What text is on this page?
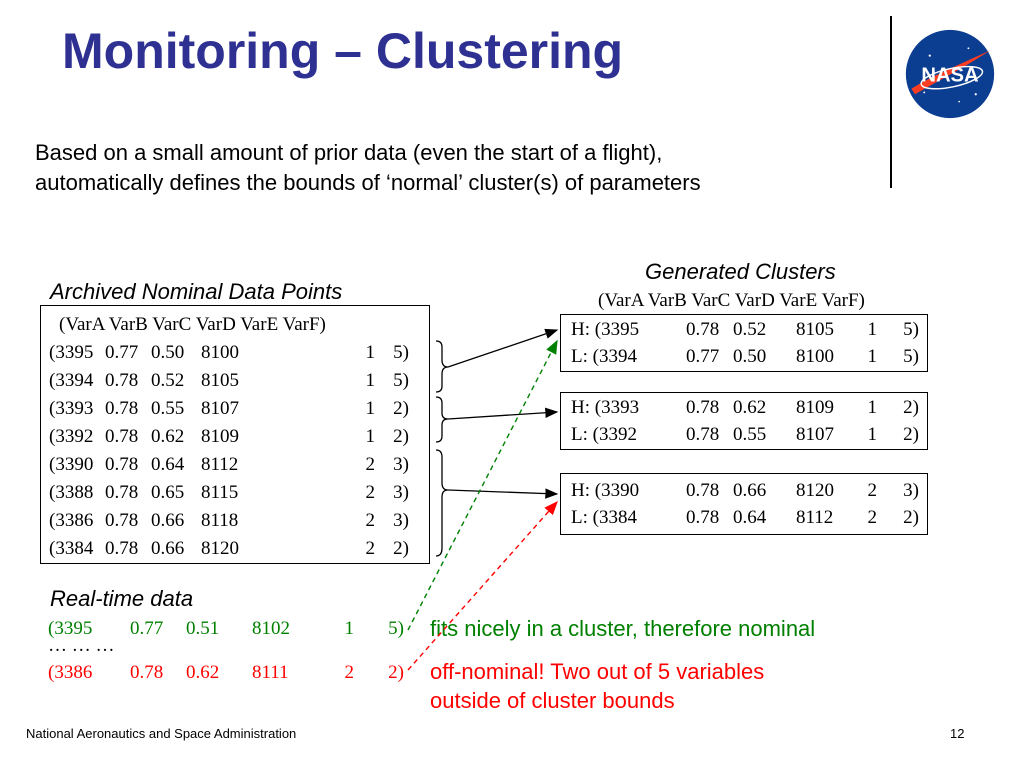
Monitoring – Clustering	NASA
Based on a small amount of prior data (even the start of a flight),
automatically defines the bounds of ‘normal’ cluster(s) of parameters
Archived Nominal Data Points
(VarA VarB VarC VarD VarE VarF)
(3395 0.77 0.50 8100	1 5)
(3394 0.78 0.52 8105	1 5)
(3393 0.78 0.55 8107	1 2)
(3392 0.78 0.62 8109	1 2)
(3390 0.78 0.64 8112	2 3)
(3388 0.78 0.65 8115	2 3)
(3386 0.78 0.66 8118	2 3)
(3384 0.78 0.66 8120	2 2)
Generated Clusters
(VarA VarB VarC VarD VarE VarF)
H: (3395 0.78 0.52 8105 1 5)
L: (3394	0.77 0.50 8100 1 5)
H: (3393 0.78 0.62 8109 1 2)
L: (3392	0.78 0.55 8107 1 2)
H: (3390 0.78 0.66 8120 2 3)
L: (3384	0.78 0.64 8112 2 2)
Real-time data
(3395 0.77 0.51 8102	1 5)
… … …
(3386 0.78 0.62 8111	2 2)
fits nicely in a cluster, therefore nominal
off-nominal! Two out of 5 variables
outside of cluster bounds
National Aeronautics and Space Administration	12
